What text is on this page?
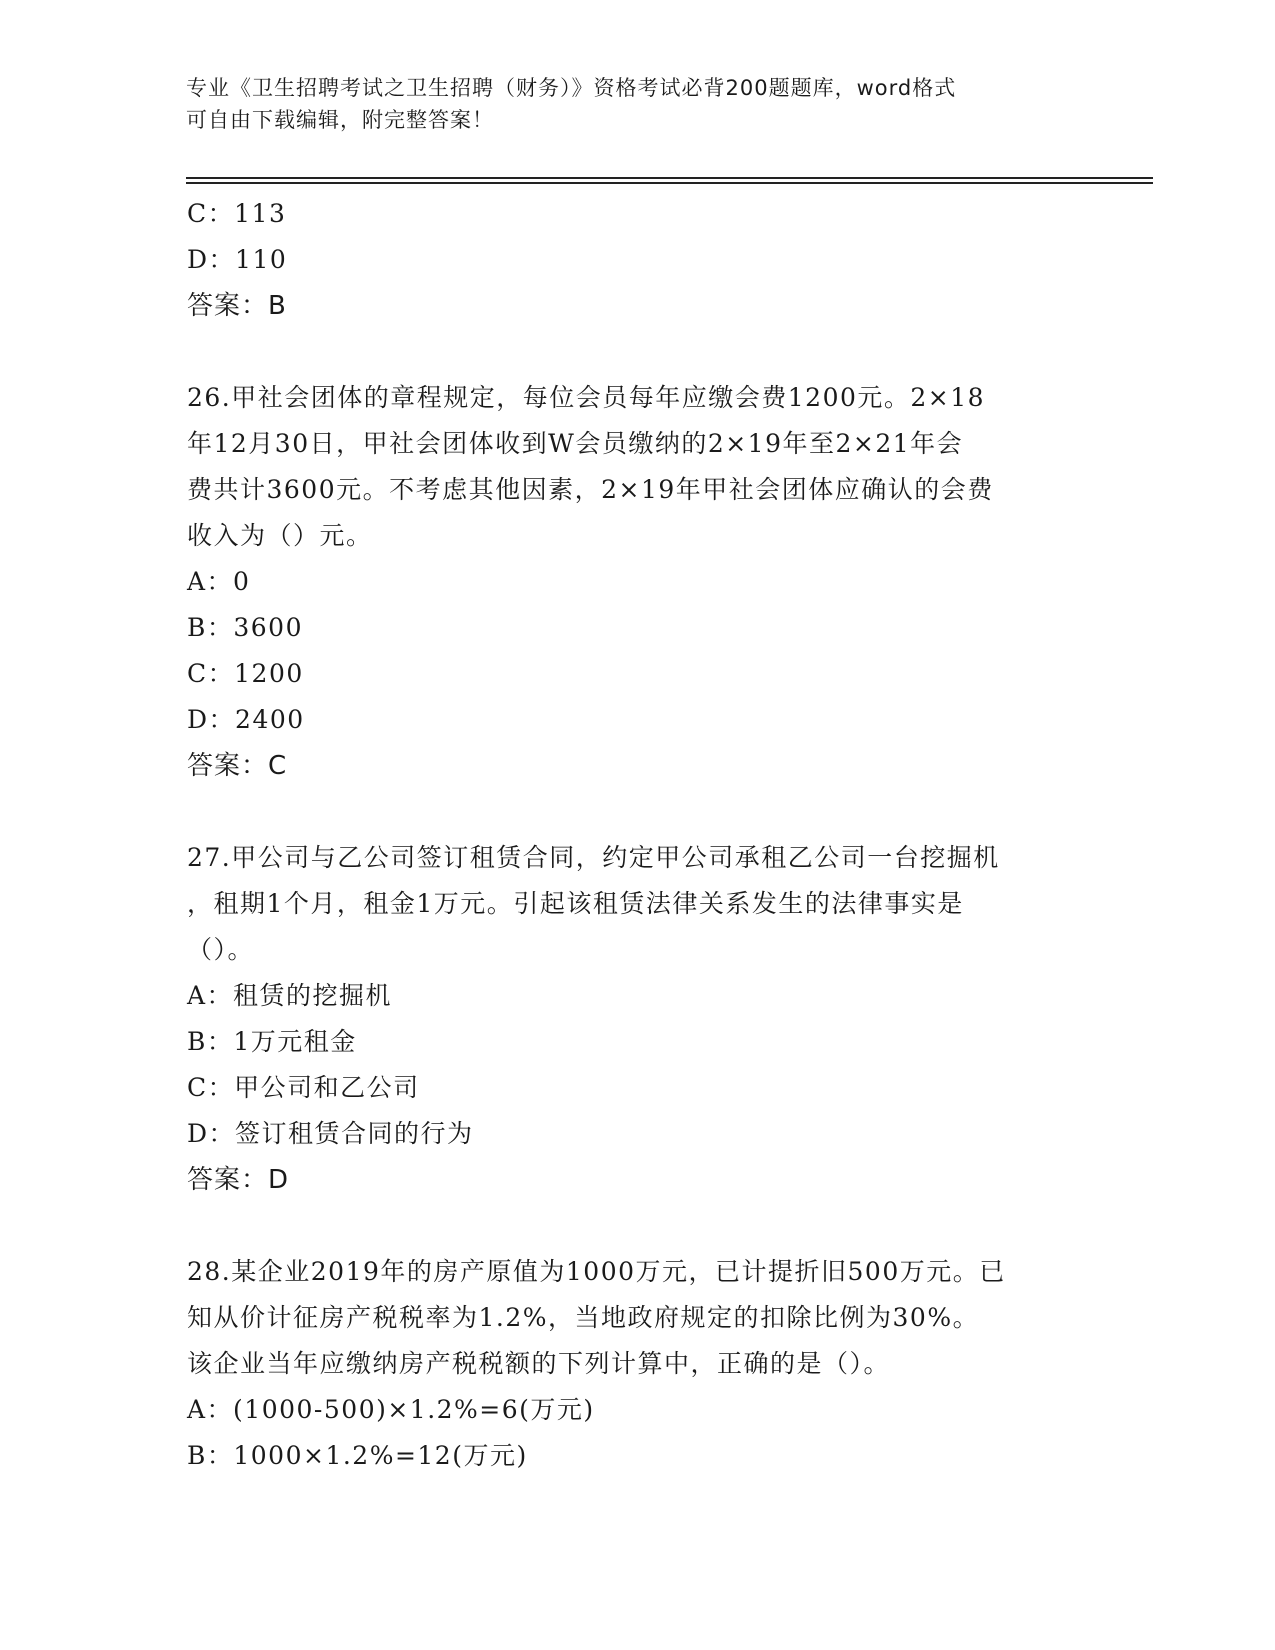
专业《卫生招聘考试之卫生招聘（财务）》资格考试必背200题题库，word格式
可自由下载编辑，附完整答案！
C：113
D：110
答案：B
26.甲社会团体的章程规定，每位会员每年应缴会费1200元。2×18
年12月30日，甲社会团体收到W会员缴纳的2×19年至2×21年会
费共计3600元。不考虑其他因素，2×19年甲社会团体应确认的会费
收入为（）元。
A：0
B：3600
C：1200
D：2400
答案：C
27.甲公司与乙公司签订租赁合同，约定甲公司承租乙公司一台挖掘机
，租期1个月，租金1万元。引起该租赁法律关系发生的法律事实是
（）。
A：租赁的挖掘机
B：1万元租金
C：甲公司和乙公司
D：签订租赁合同的行为
答案：D
28.某企业2019年的房产原值为1000万元，已计提折旧500万元。已
知从价计征房产税税率为1.2%，当地政府规定的扣除比例为30%。
该企业当年应缴纳房产税税额的下列计算中，正确的是（）。
A：(1000-500)×1.2%=6(万元)
B：1000×1.2%=12(万元)
